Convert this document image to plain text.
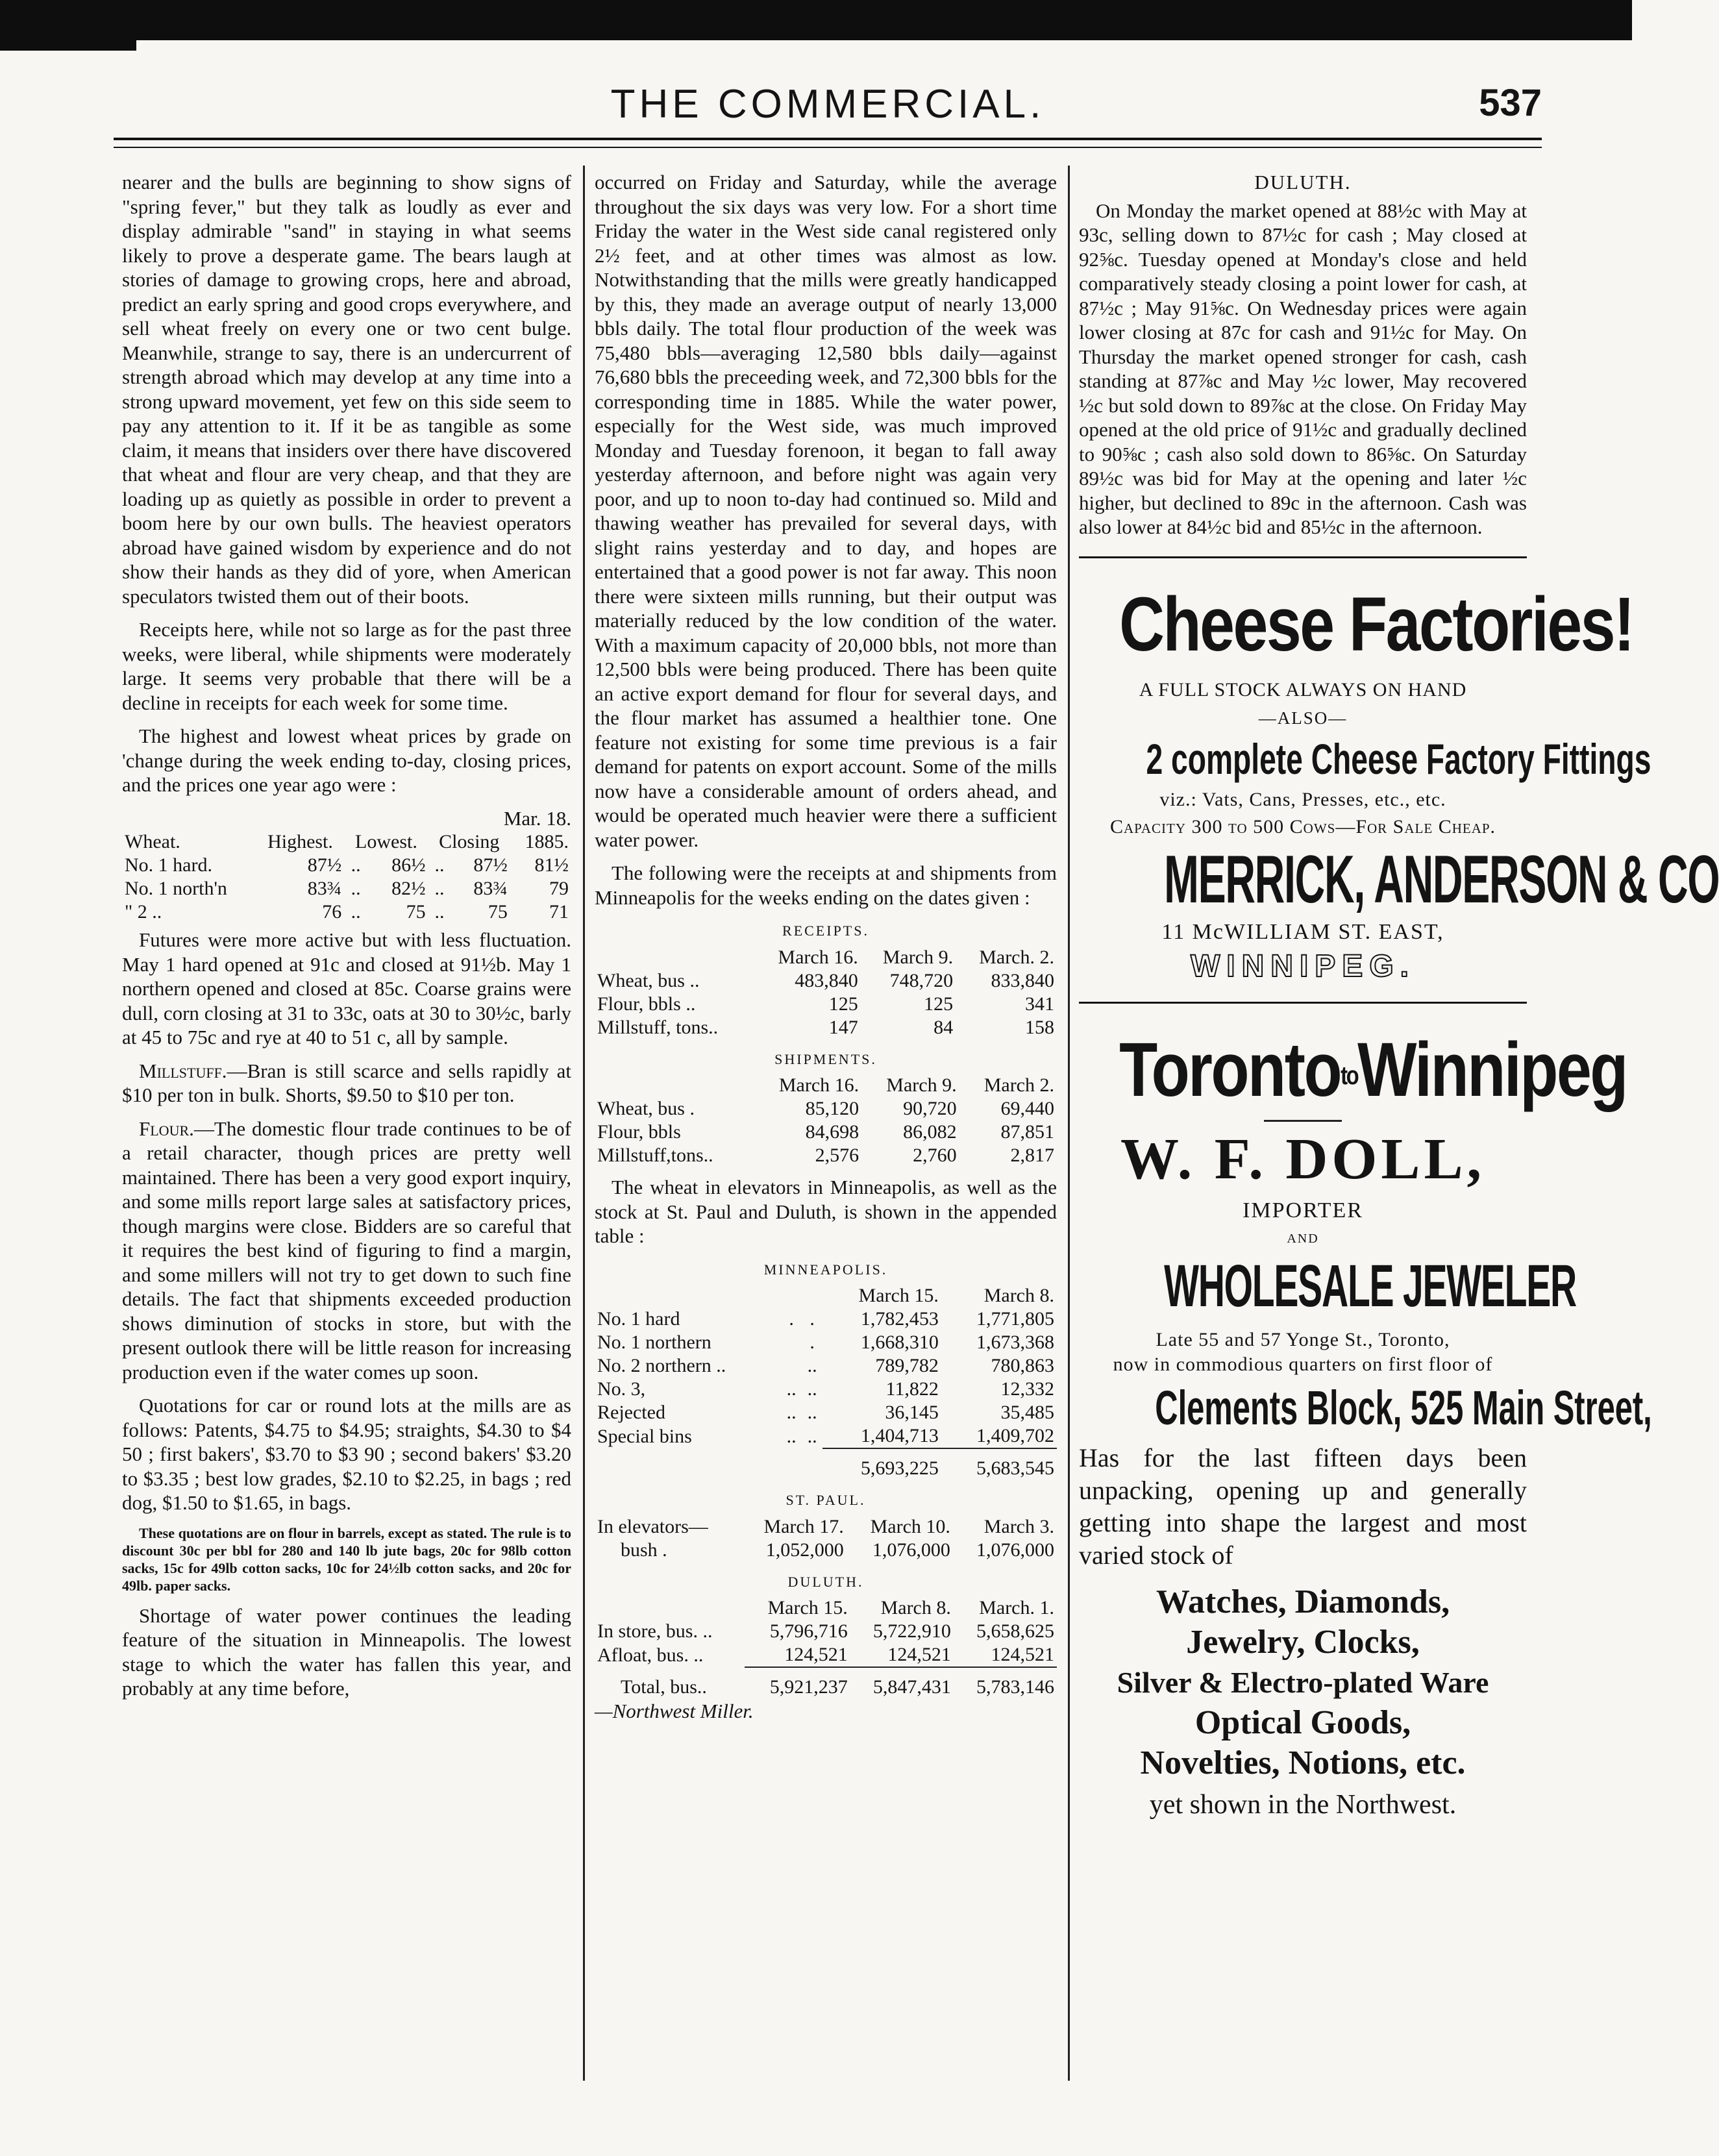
THE COMMERCIAL.	537

nearer and the bulls are beginning to show signs of "spring fever," but they talk as loudly as ever and display admirable "sand" in staying in what seems likely to prove a desperate game. The bears laugh at stories of damage to growing crops, here and abroad, predict an early spring and good crops everywhere, and sell wheat freely on every one or two cent bulge. Meanwhile, strange to say, there is an undercurrent of strength abroad which may develop at any time into a strong upward movement, yet few on this side seem to pay any attention to it. If it be as tangible as some claim, it means that insiders over there have discovered that wheat and flour are very cheap, and that they are loading up as quietly as possible in order to prevent a boom here by our own bulls. The heaviest operators abroad have gained wisdom by experience and do not show their hands as they did of yore, when American speculators twisted them out of their boots.

Receipts here, while not so large as for the past three weeks, were liberal, while shipments were moderately large. It seems very probable that there will be a decline in receipts for each week for some time.

The highest and lowest wheat prices by grade on 'change during the week ending to-day, closing prices, and the prices one year ago were :

Mar. 18.
Wheat.	Highest.	Lowest.		Closing		1885.
No. 1 hard.	87½	..	86½	..	87½	81½
No. 1 north'n	83¾	..	82½	..	83¾	79
" 2 ..	76	..	75	..	75	71

Futures were more active but with less fluctuation. May 1 hard opened at 91c and closed at 91½b. May 1 northern opened and closed at 85c. Coarse grains were dull, corn closing at 31 to 33c, oats at 30 to 30½c, barly at 45 to 75c and rye at 40 to 51 c, all by sample.

Millstuff.—Bran is still scarce and sells rapidly at $10 per ton in bulk. Shorts, $9.50 to $10 per ton.

Flour.—The domestic flour trade continues to be of a retail character, though prices are pretty well maintained. There has been a very good export inquiry, and some mills report large sales at satisfactory prices, though margins were close. Bidders are so careful that it requires the best kind of figuring to find a margin, and some millers will not try to get down to such fine details. The fact that shipments exceeded production shows diminution of stocks in store, but with the present outlook there will be little reason for increasing production even if the water comes up soon.

Quotations for car or round lots at the mills are as follows: Patents, $4.75 to $4.95; straights, $4.30 to $4 50 ; first bakers', $3.70 to $3 90 ; second bakers' $3.20 to $3.35 ; best low grades, $2.10 to $2.25, in bags ; red dog, $1.50 to $1.65, in bags.

These quotations are on flour in barrels, except as stated. The rule is to discount 30c per bbl for 280 and 140 lb jute bags, 20c for 98lb cotton sacks, 15c for 49lb cotton sacks, 10c for 24½lb cotton sacks, and 20c for 49lb. paper sacks.

Shortage of water power continues the leading feature of the situation in Minneapolis. The lowest stage to which the water has fallen this year, and probably at any time before,

occurred on Friday and Saturday, while the average throughout the six days was very low. For a short time Friday the water in the West side canal registered only 2½ feet, and at other times was almost as low. Notwithstanding that the mills were greatly handicapped by this, they made an average output of nearly 13,000 bbls daily. The total flour production of the week was 75,480 bbls—averaging 12,580 bbls daily—against 76,680 bbls the preceeding week, and 72,300 bbls for the corresponding time in 1885. While the water power, especially for the West side, was much improved Monday and Tuesday forenoon, it began to fall away yesterday afternoon, and before night was again very poor, and up to noon to-day had continued so. Mild and thawing weather has prevailed for several days, with slight rains yesterday and to day, and hopes are entertained that a good power is not far away. This noon there were sixteen mills running, but their output was materially reduced by the low condition of the water. With a maximum capacity of 20,000 bbls, not more than 12,500 bbls were being produced. There has been quite an active export demand for flour for several days, and the flour market has assumed a healthier tone. One feature not existing for some time previous is a fair demand for patents on export account. Some of the mills now have a considerable amount of orders ahead, and would be operated much heavier were there a sufficient water power.

The following were the receipts at and shipments from Minneapolis for the weeks ending on the dates given :

RECEIPTS.
	March 16.	March 9.	March. 2.
Wheat, bus ..	483,840	748,720	833,840
Flour, bbls ..	125	125	341
Millstuff, tons..	147	84	158
SHIPMENTS.
	March 16.	March 9.	March 2.
Wheat, bus .	85,120	90,720	69,440
Flour, bbls	84,698	86,082	87,851
Millstuff,tons..	2,576	2,760	2,817

The wheat in elevators in Minneapolis, as well as the stock at St. Paul and Duluth, is shown in the appended table :

MINNEAPOLIS.
			March 15.	March 8.
No. 1 hard	.	.	1,782,453	1,771,805
No. 1 northern		.	1,668,310	1,673,368
No. 2 northern ..		..	789,782	780,863
No. 3,	..	..	11,822	12,332
Rejected	..	..	36,145	35,485
Special bins	..	..	1,404,713	1,409,702
			5,693,225	5,683,545
ST. PAUL.
In elevators—	March 17.	March 10.	March 3.
bush .	1,052,000	1,076,000	1,076,000
DULUTH.
	March 15.	March 8.	March. 1.
In store, bus. ..	5,796,716	5,722,910	5,658,625
Afloat, bus. ..	124,521	124,521	124,521
Total, bus..	5,921,237	5,847,431	5,783,146
—Northwest Miller.
DULUTH.

On Monday the market opened at 88½c with May at 93c, selling down to 87½c for cash ; May closed at 92⅝c. Tuesday opened at Monday's close and held comparatively steady closing a point lower for cash, at 87½c ; May 91⅝c. On Wednesday prices were again lower closing at 87c for cash and 91½c for May. On Thursday the market opened stronger for cash, cash standing at 87⅞c and May ½c lower, May recovered ½c but sold down to 89⅞c at the close. On Friday May opened at the old price of 91½c and gradually declined to 90⅝c ; cash also sold down to 86⅝c. On Saturday 89½c was bid for May at the opening and later ½c higher, but declined to 89c in the afternoon. Cash was also lower at 84½c bid and 85½c in the afternoon.

Cheese Factories!
A FULL STOCK ALWAYS ON HAND
—ALSO—
2 complete Cheese Factory Fittings
viz.: Vats, Cans, Presses, etc., etc.
Capacity 300 to 500 Cows—For Sale Cheap.
MERRICK, ANDERSON & CO
11 McWILLIAM ST. EAST,
WINNIPEG.
TorontotoWinnipeg
W. F. DOLL,
IMPORTER
AND
WHOLESALE JEWELER
Late 55 and 57 Yonge St., Toronto,
now in commodious quarters on first floor of
Clements Block, 525 Main Street,
Has for the last fifteen days been unpacking, opening up and generally getting into shape the largest and most varied stock of
Watches, Diamonds,
Jewelry, Clocks,
Silver & Electro-plated Ware
Optical Goods,
Novelties, Notions, etc.
yet shown in the Northwest.
